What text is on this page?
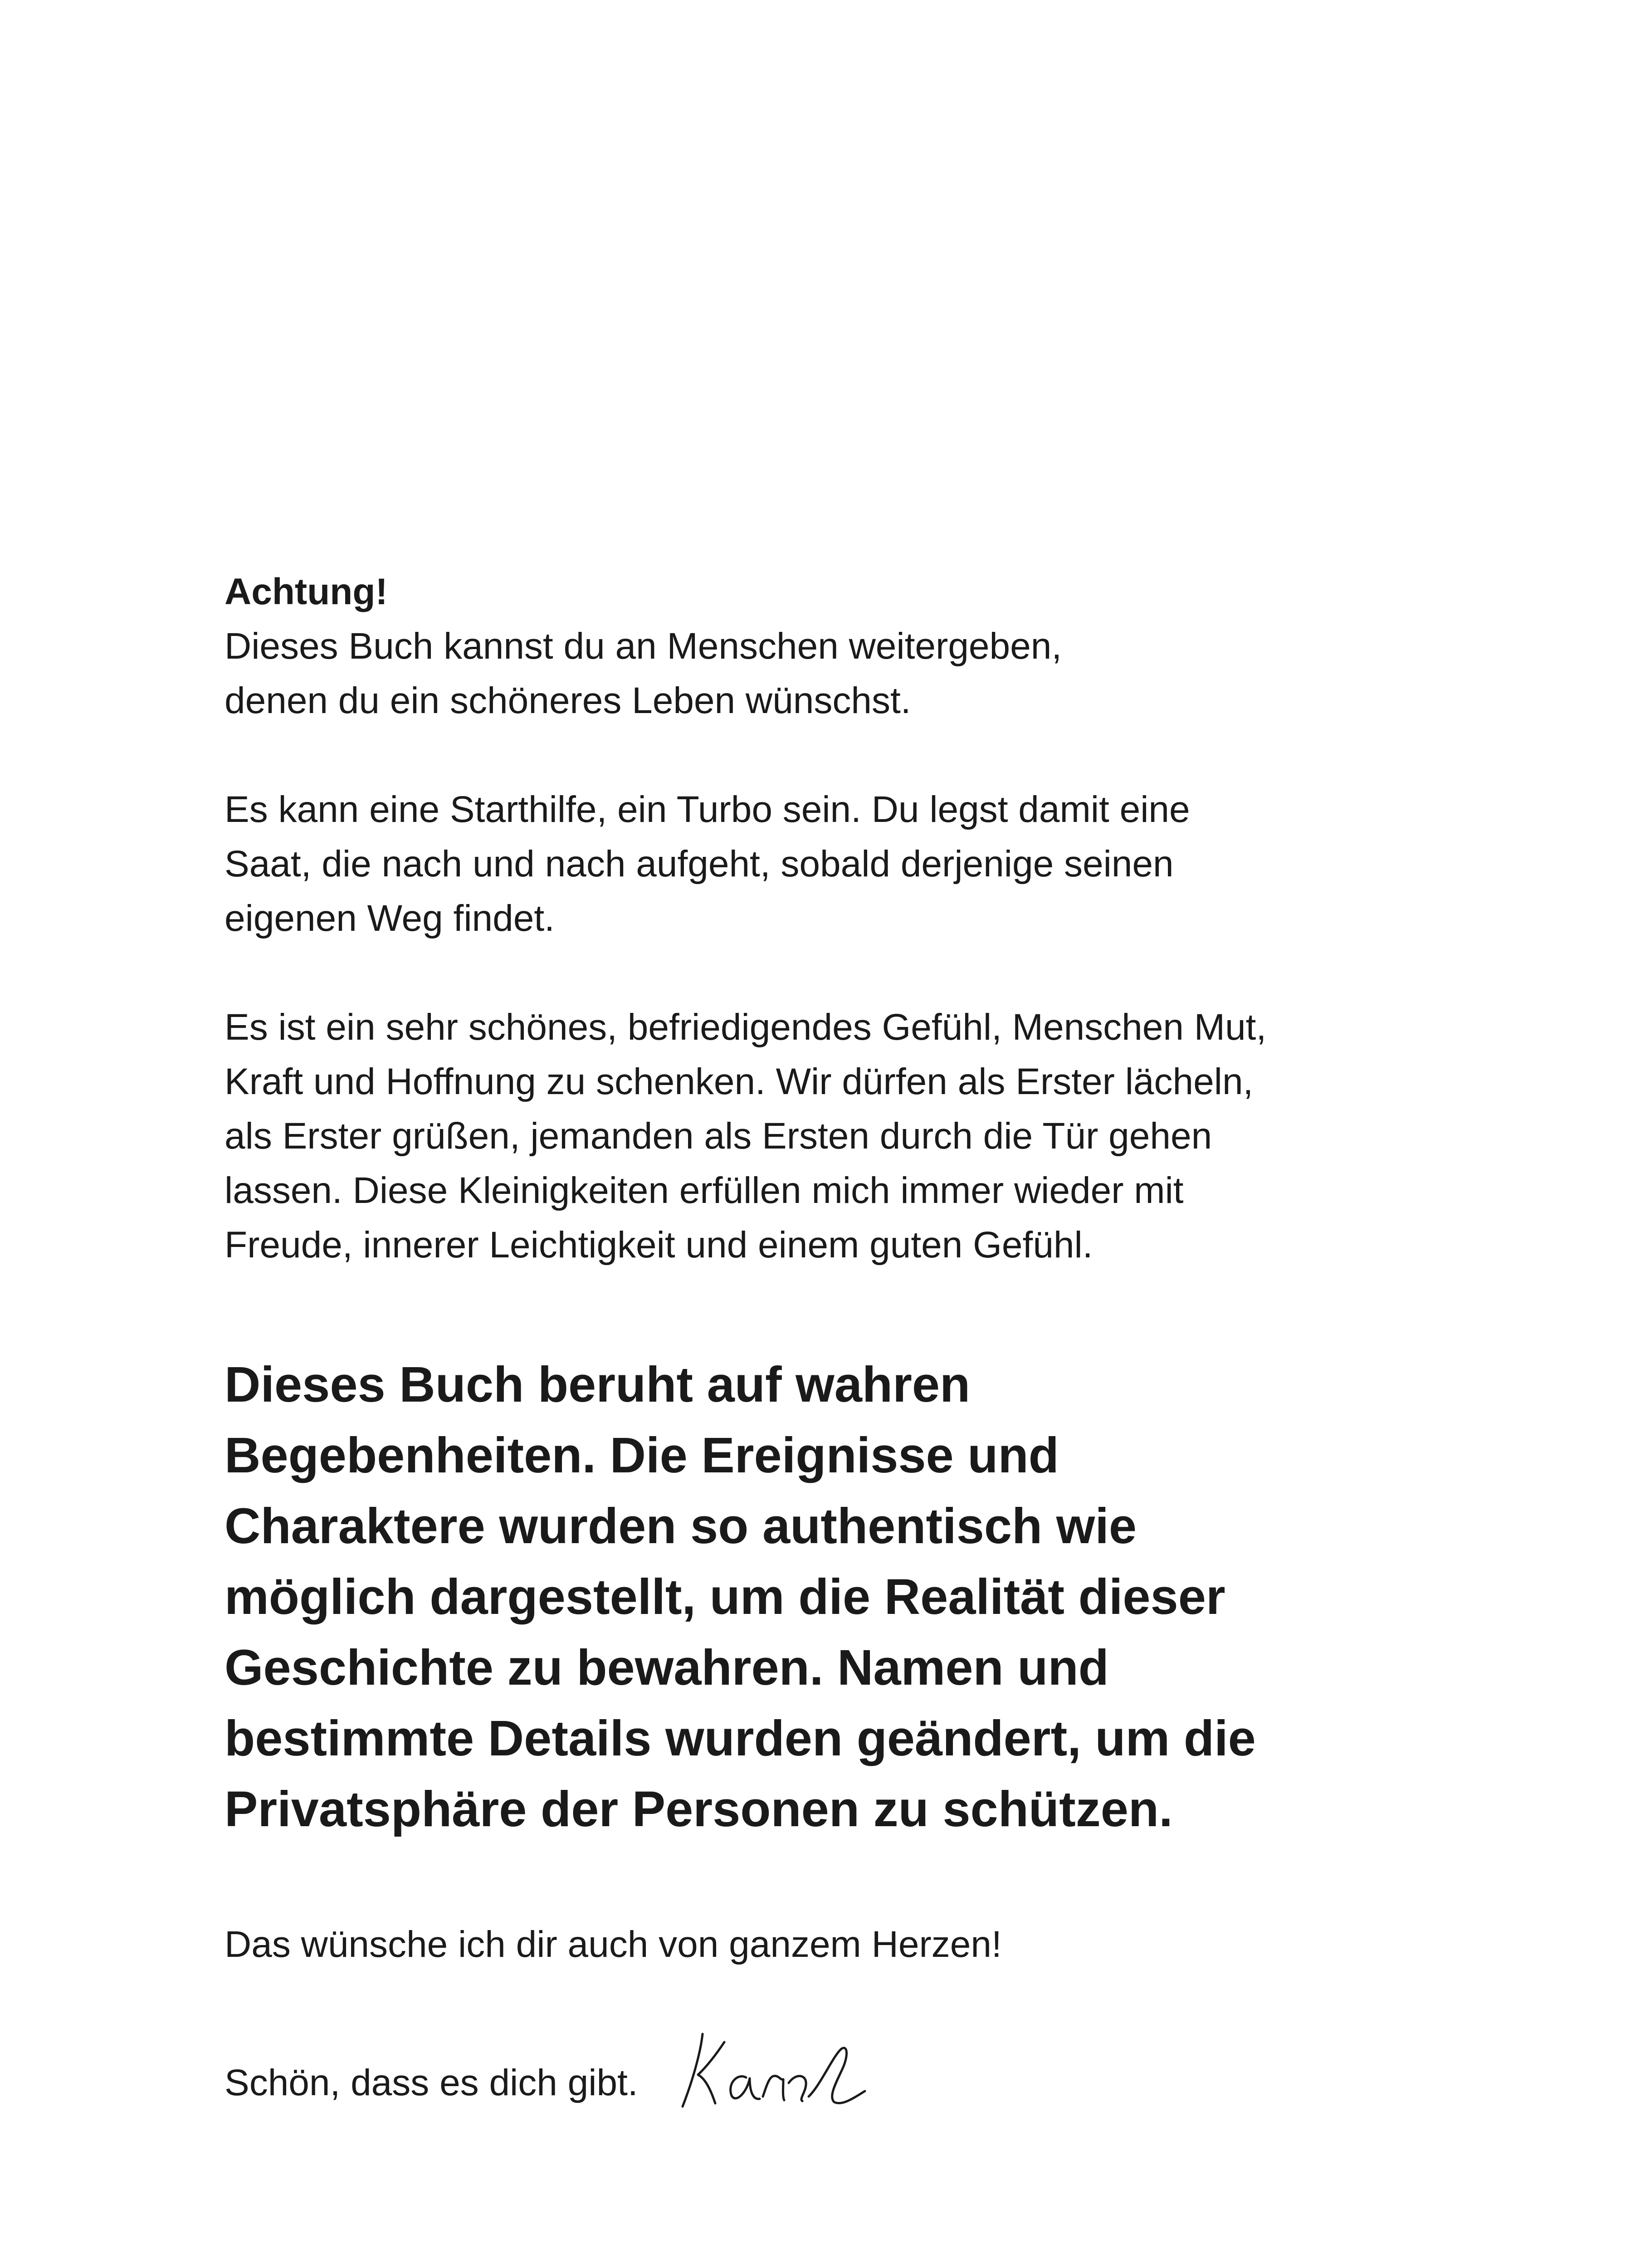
Achtung!

Dieses Buch kannst du an Menschen weitergeben,
denen du ein schöneres Leben wünschst.

Es kann eine Starthilfe, ein Turbo sein. Du legst damit eine
Saat, die nach und nach aufgeht, sobald derjenige seinen
eigenen Weg findet.

Es ist ein sehr schönes, befriedigendes Gefühl, Menschen Mut,
Kraft und Hoffnung zu schenken. Wir dürfen als Erster lächeln,
als Erster grüßen, jemanden als Ersten durch die Tür gehen
lassen. Diese Kleinigkeiten erfüllen mich immer wieder mit
Freude, innerer Leichtigkeit und einem guten Gefühl.

Dieses Buch beruht auf wahren
Begebenheiten. Die Ereignisse und
Charaktere wurden so authentisch wie
möglich dargestellt, um die Realität dieser
Geschichte zu bewahren. Namen und
bestimmte Details wurden geändert, um die
Privatsphäre der Personen zu schützen.

Das wünsche ich dir auch von ganzem Herzen!

Schön, dass es dich gibt.
